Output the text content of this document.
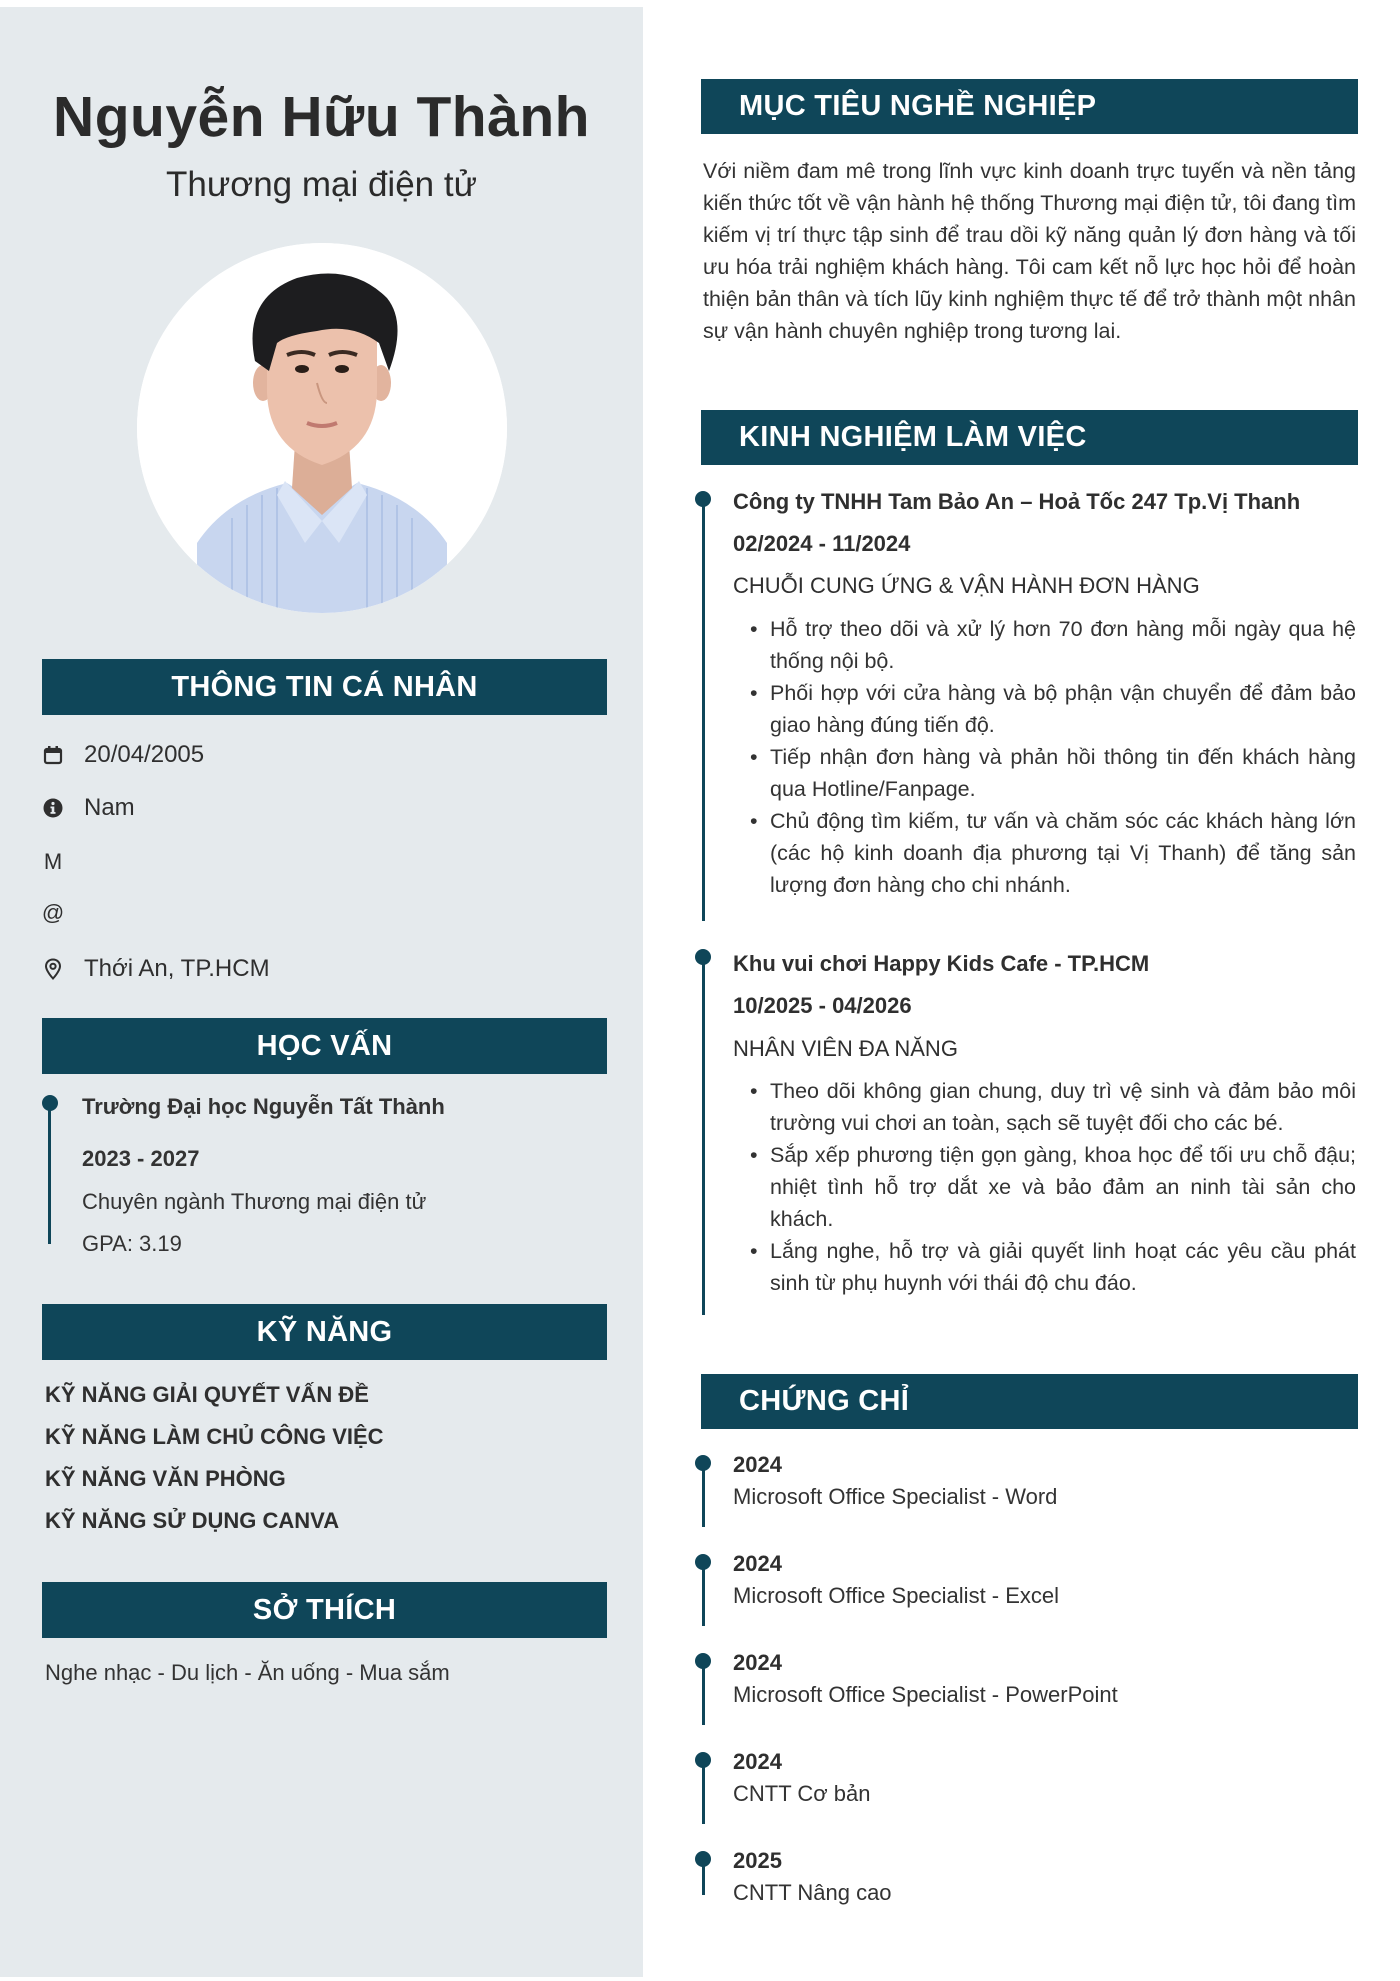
Nguyễn Hữu Thành
Thương mại điện tử
THÔNG TIN CÁ NHÂN
20/04/2005
Nam
M
@
Thới An, TP.HCM
HỌC VẤN
Trường Đại học Nguyễn Tất Thành
2023 - 2027
Chuyên ngành Thương mại điện tử
GPA: 3.19
KỸ NĂNG
KỸ NĂNG GIẢI QUYẾT VẤN ĐỀ
KỸ NĂNG LÀM CHỦ CÔNG VIỆC
KỸ NĂNG VĂN PHÒNG
KỸ NĂNG SỬ DỤNG CANVA
SỞ THÍCH
Nghe nhạc - Du lịch - Ăn uống - Mua sắm
MỤC TIÊU NGHỀ NGHIỆP
Với niềm đam mê trong lĩnh vực kinh doanh trực tuyến và nền tảng kiến thức tốt về vận hành hệ thống Thương mại điện tử, tôi đang tìm kiếm vị trí thực tập sinh để trau dồi kỹ năng quản lý đơn hàng và tối ưu hóa trải nghiệm khách hàng. Tôi cam kết nỗ lực học hỏi để hoàn thiện bản thân và tích lũy kinh nghiệm thực tế để trở thành một nhân sự vận hành chuyên nghiệp trong tương lai.
KINH NGHIỆM LÀM VIỆC
Công ty TNHH Tam Bảo An – Hoả Tốc 247 Tp.Vị Thanh
02/2024 - 11/2024
CHUỖI CUNG ỨNG & VẬN HÀNH ĐƠN HÀNG
• Hỗ trợ theo dõi và xử lý hơn 70 đơn hàng mỗi ngày qua hệ thống nội bộ.
• Phối hợp với cửa hàng và bộ phận vận chuyển để đảm bảo giao hàng đúng tiến độ.
• Tiếp nhận đơn hàng và phản hồi thông tin đến khách hàng qua Hotline/Fanpage.
• Chủ động tìm kiếm, tư vấn và chăm sóc các khách hàng lớn (các hộ kinh doanh địa phương tại Vị Thanh) để tăng sản lượng đơn hàng cho chi nhánh.
Khu vui chơi Happy Kids Cafe - TP.HCM
10/2025 - 04/2026
NHÂN VIÊN ĐA NĂNG
• Theo dõi không gian chung, duy trì vệ sinh và đảm bảo môi trường vui chơi an toàn, sạch sẽ tuyệt đối cho các bé.
• Sắp xếp phương tiện gọn gàng, khoa học để tối ưu chỗ đậu; nhiệt tình hỗ trợ dắt xe và bảo đảm an ninh tài sản cho khách.
• Lắng nghe, hỗ trợ và giải quyết linh hoạt các yêu cầu phát sinh từ phụ huynh với thái độ chu đáo.
CHỨNG CHỈ
2024
Microsoft Office Specialist - Word
2024
Microsoft Office Specialist - Excel
2024
Microsoft Office Specialist - PowerPoint
2024
CNTT Cơ bản
2025
CNTT Nâng cao
